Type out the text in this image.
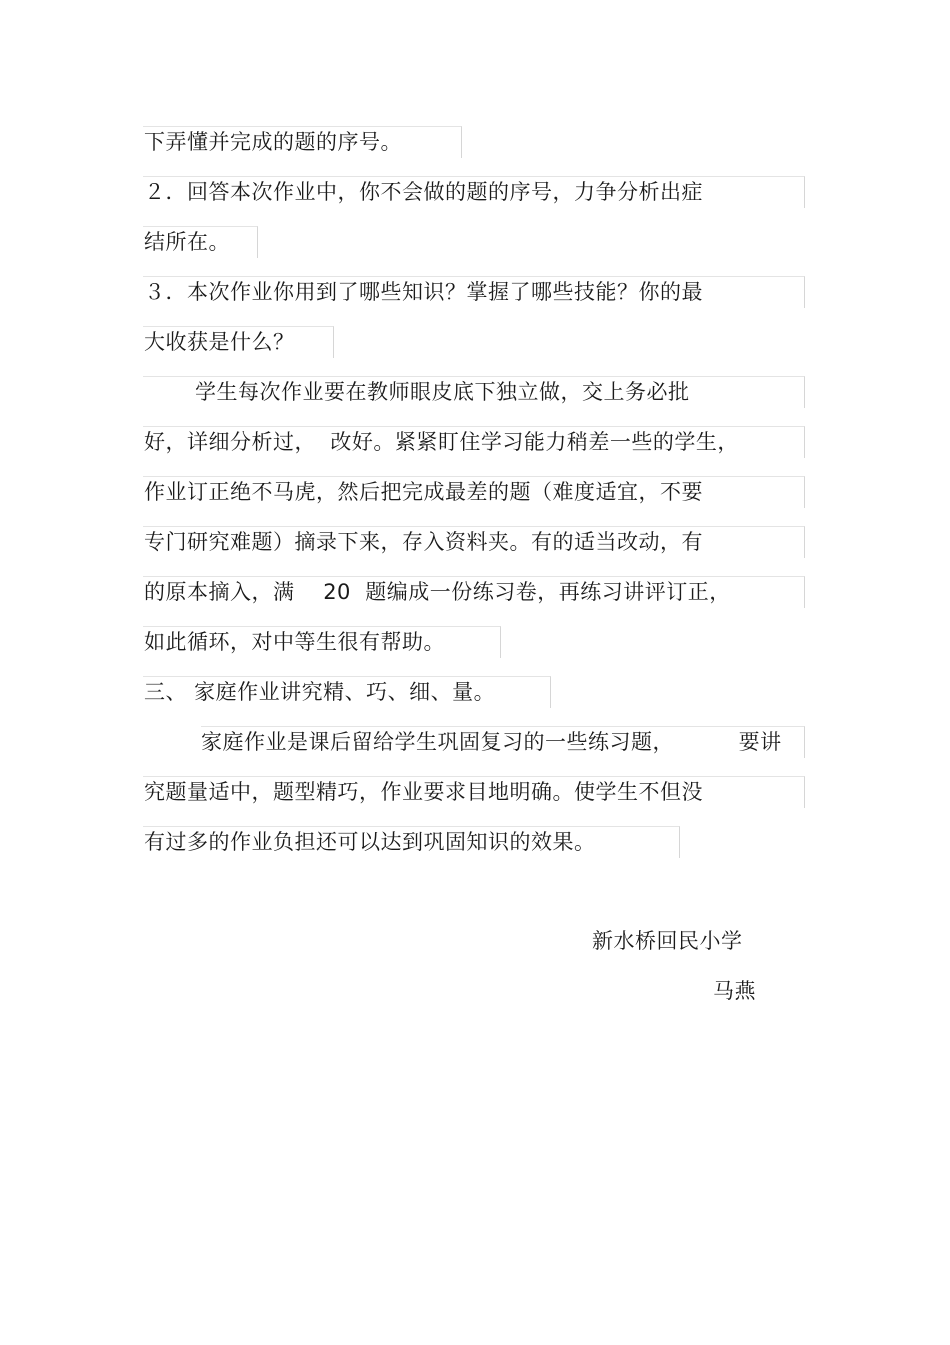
下弄懂并完成的题的序号。
２．回答本次作业中，你不会做的题的序号，力争分析出症
结所在。
３．本次作业你用到了哪些知识？掌握了哪些技能？你的最
大收获是什么？
学生每次作业要在教师眼皮底下独立做，交上务必批
好，详细分析过，  改好。紧紧盯住学习能力稍差一些的学生，
作业订正绝不马虎，然后把完成最差的题（难度适宜，不要
专门研究难题）摘录下来，存入资料夹。有的适当改动，有
的原本摘入，满    20  题编成一份练习卷，再练习讲评订正，
如此循环，对中等生很有帮助。
三、 家庭作业讲究精、巧、细、量。
家庭作业是课后留给学生巩固复习的一些练习题，         要讲
究题量适中，题型精巧，作业要求目地明确。使学生不但没
有过多的作业负担还可以达到巩固知识的效果。
新水桥回民小学
马燕
